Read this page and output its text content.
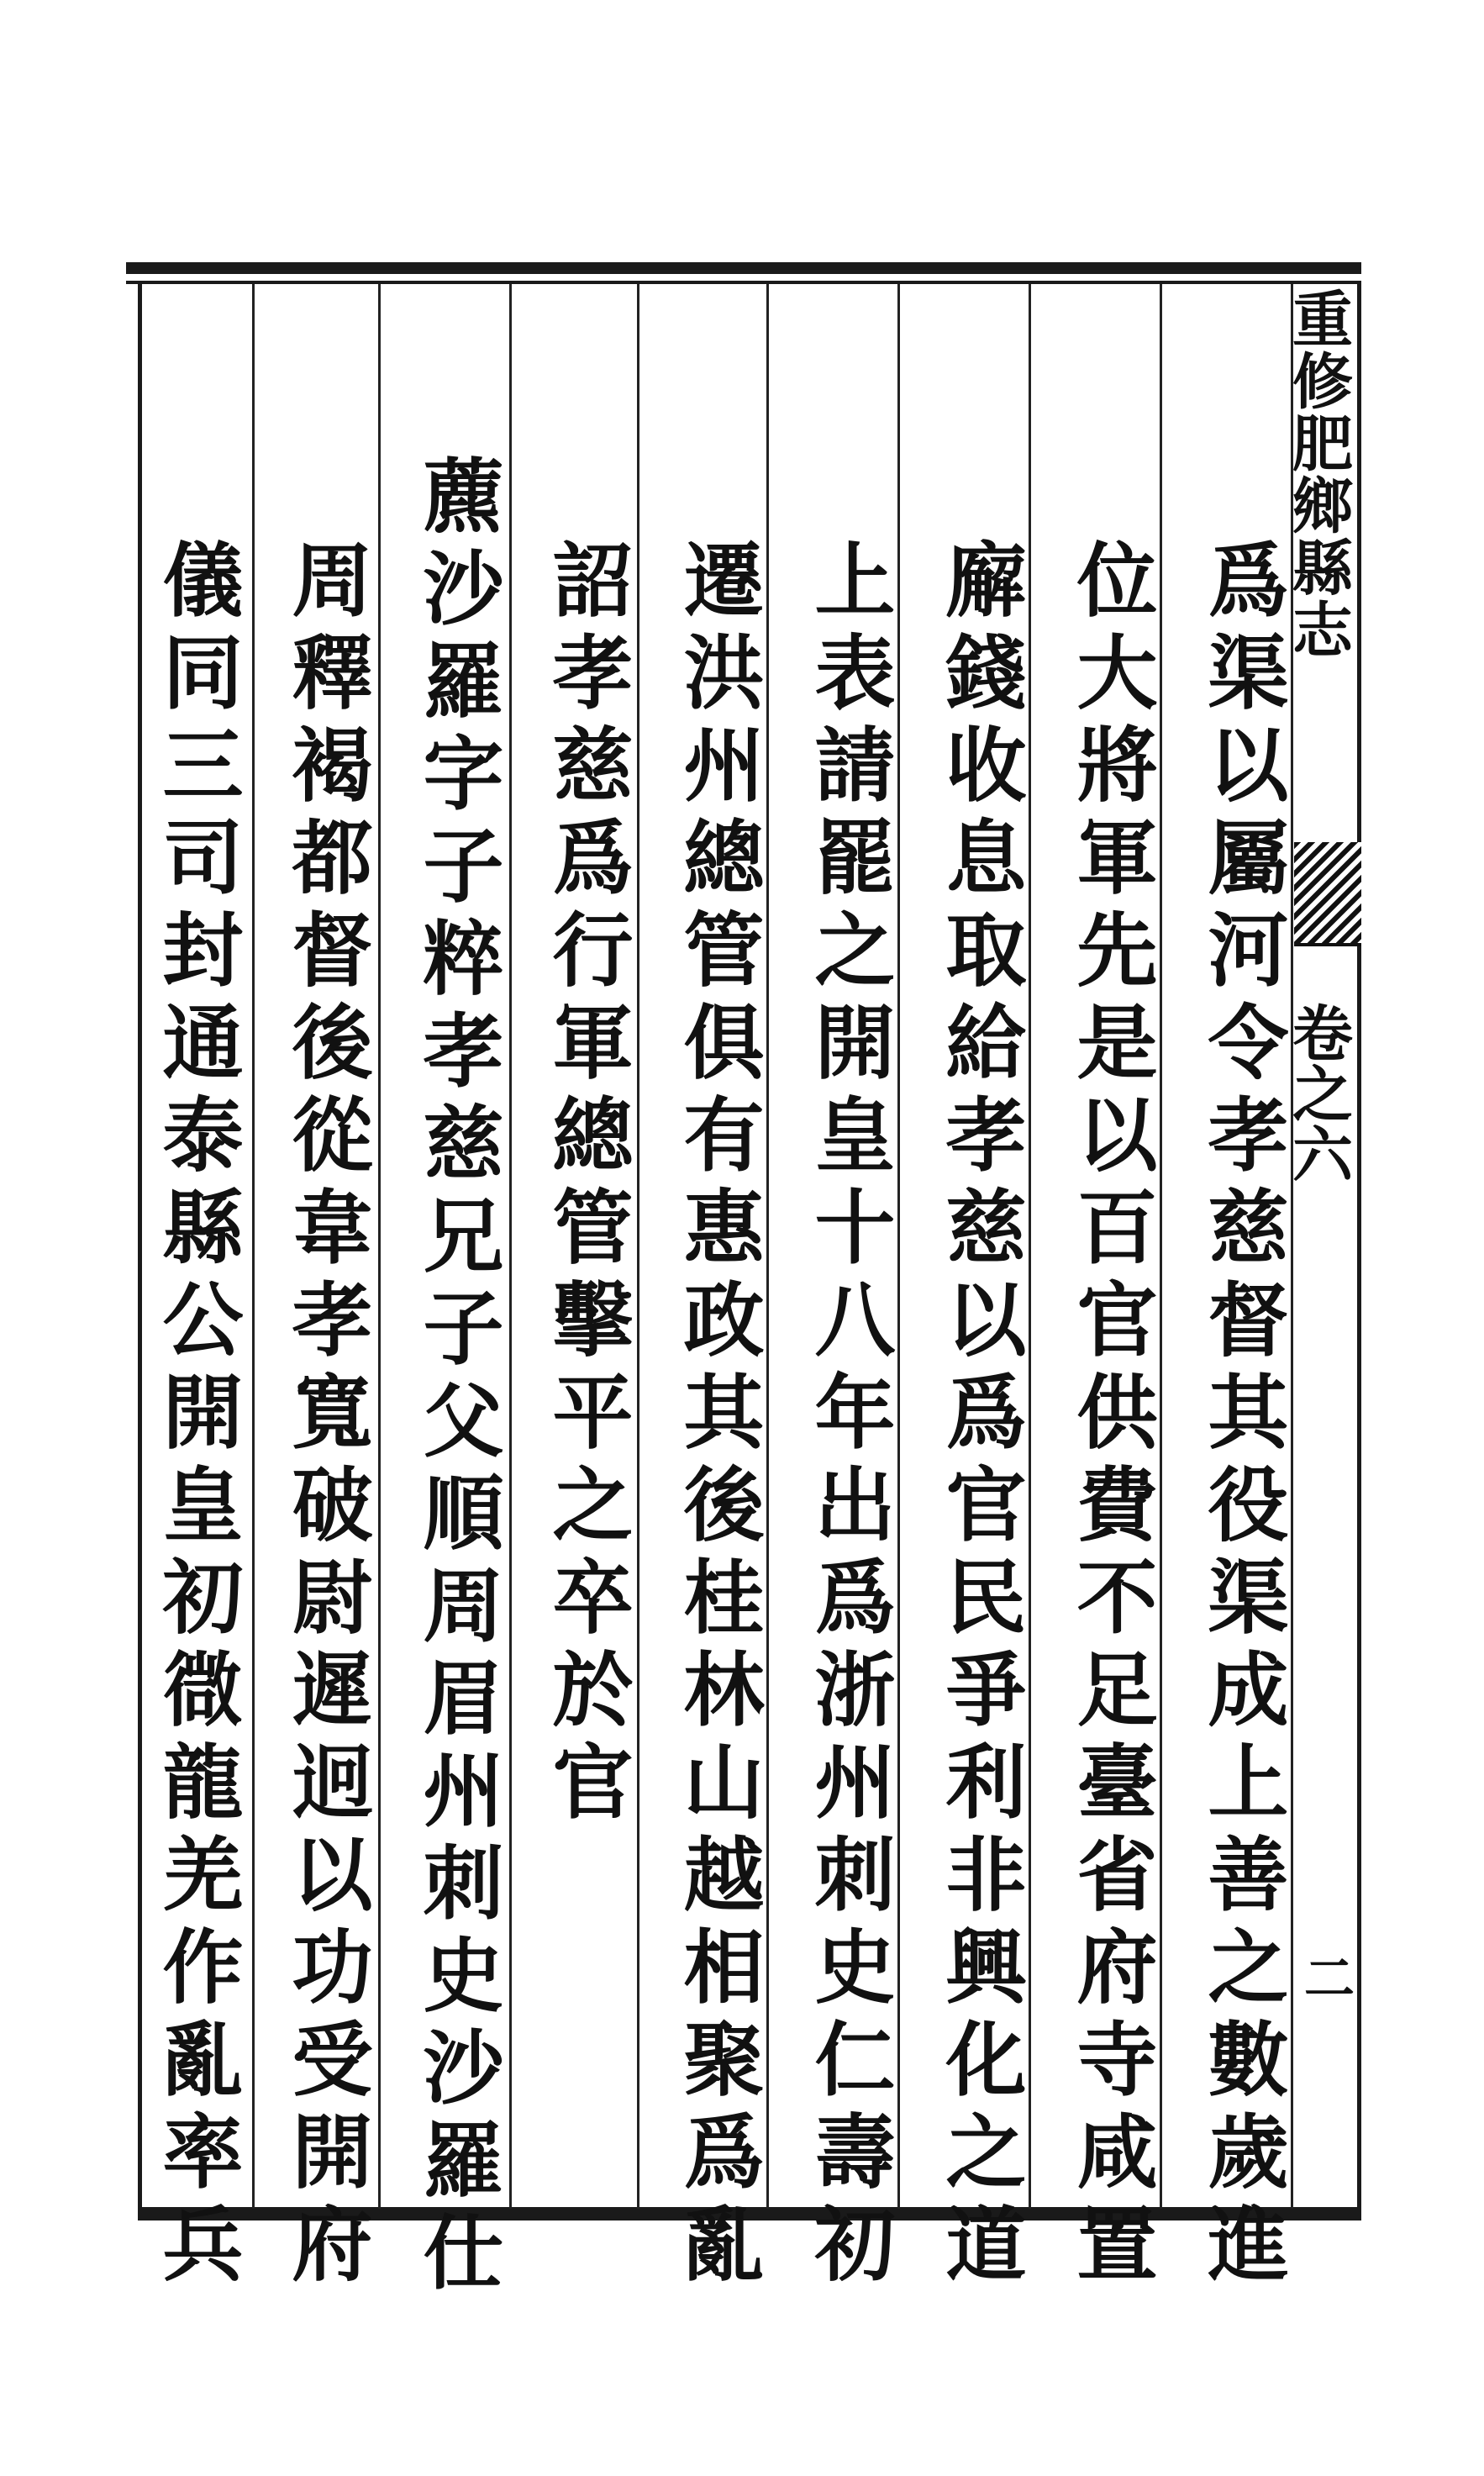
重修肥鄉縣志
卷之六
二
爲渠以屬河令孝慈督其役渠成上善之數歲進
位大將軍先是以百官供費不足臺省府寺咸置
廨錢收息取給孝慈以爲官民爭利非興化之道
上表請罷之開皇十八年出爲浙州刺史仁壽初
遷洪州總管俱有惠政其後桂林山越相聚爲亂
詔孝慈爲行軍總管擊平之卒於官
藨沙羅字子粹孝慈兄子父順周眉州刺史沙羅仕
周釋褐都督後從韋孝寬破尉遲迥以功受開府
儀同三司封通泰縣公開皇初㣲龍羌作亂率兵
